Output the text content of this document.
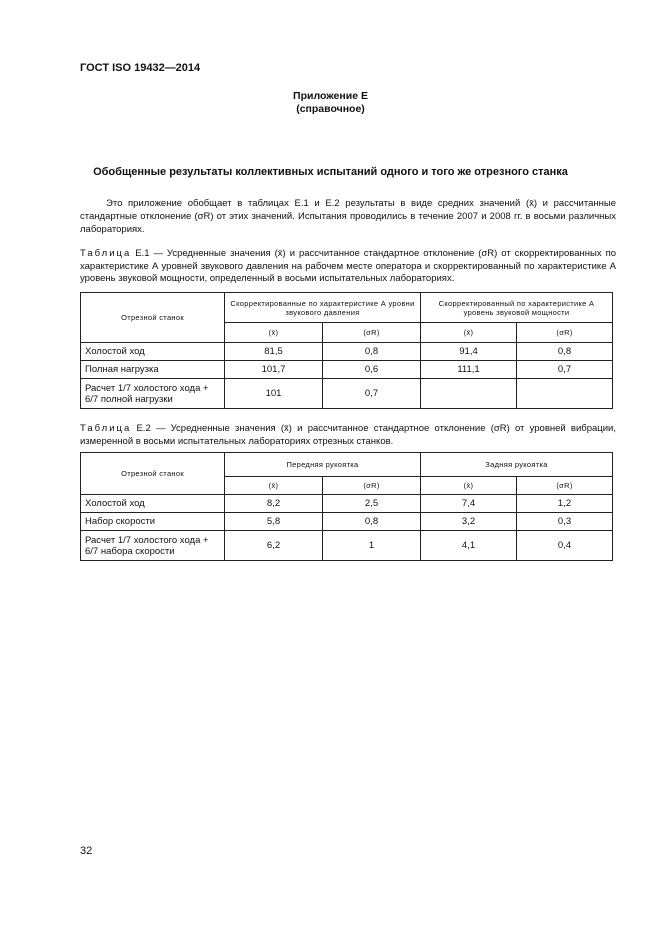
ГОСТ ISO 19432—2014
Приложение Е
(справочное)
Обобщенные результаты коллективных испытаний одного и того же отрезного станка
Это приложение обобщает в таблицах Е.1 и Е.2 результаты в виде средних значений (x̄) и рассчитанные стандартные отклонение (σR) от этих значений. Испытания проводились в течение 2007 и 2008 гг. в восьми различных лабораториях.
Таблица Е.1 — Усредненные значения (x̄) и рассчитанное стандартное отклонение (σR) от скорректированных по характеристике А уровней звукового давления на рабочем месте оператора и скорректированный по характеристике А уровень звуковой мощности, определенный в восьми испытательных лабораториях.
Отрезной станок	Скорректированные по характеристике А уровни звукового давления		Скорректированный по характеристике А уровень звуковой мощности	
	(x̄)	(σR)	(x̄)	(σR)
Холостой ход	81,5	0,8	91,4	0,8
Полная нагрузка	101,7	0,6	111,1	0,7
Расчет 1/7 холостого хода + 6/7 полной нагрузки	101	0,7		
Таблица Е.2 — Усредненные значения (x̄) и рассчитанное стандартное отклонение (σR) от уровней вибрации, измеренной в восьми испытательных лабораториях отрезных станков.
Отрезной станок	Передняя рукоятка		Задняя рукоятка	
	(x̄)	(σR)	(x̄)	(σR)
Холостой ход	8,2	2,5	7,4	1,2
Набор скорости	5,8	0,8	3,2	0,3
Расчет 1/7 холостого хода + 6/7 набора скорости	6,2	1	4,1	0,4
32
